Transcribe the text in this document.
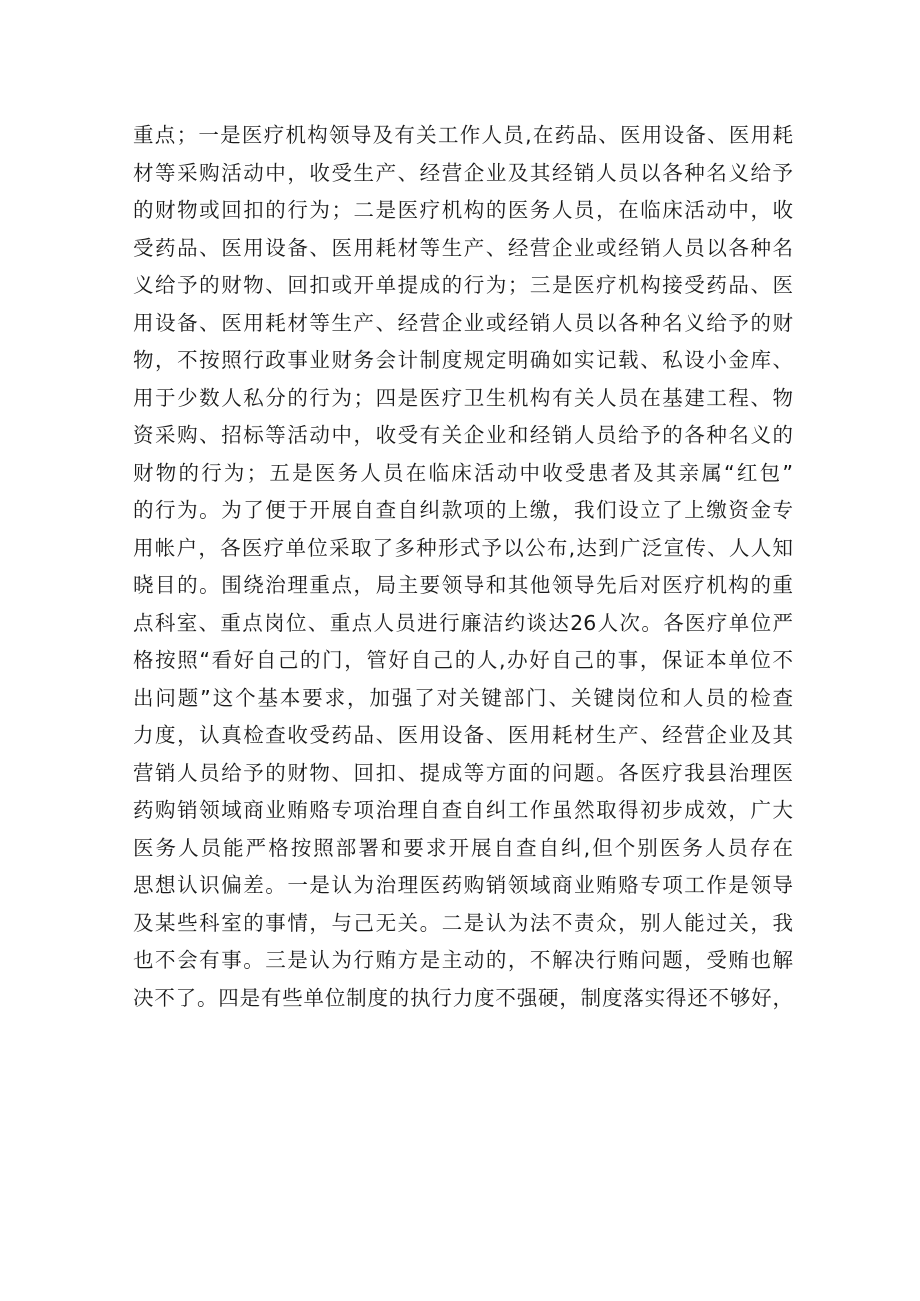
重点；一是医疗机构领导及有关工作人员,在药品、医用设备、医用耗
材等采购活动中，收受生产、经营企业及其经销人员以各种名义给予
的财物或回扣的行为；二是医疗机构的医务人员，在临床活动中，收
受药品、医用设备、医用耗材等生产、经营企业或经销人员以各种名
义给予的财物、回扣或开单提成的行为；三是医疗机构接受药品、医
用设备、医用耗材等生产、经营企业或经销人员以各种名义给予的财
物，不按照行政事业财务会计制度规定明确如实记载、私设小金库、
用于少数人私分的行为；四是医疗卫生机构有关人员在基建工程、物
资采购、招标等活动中，收受有关企业和经销人员给予的各种名义的
财物的行为；五是医务人员在临床活动中收受患者及其亲属“红包”
的行为。为了便于开展自查自纠款项的上缴，我们设立了上缴资金专
用帐户，各医疗单位采取了多种形式予以公布,达到广泛宣传、人人知
晓目的。围绕治理重点，局主要领导和其他领导先后对医疗机构的重
点科室、重点岗位、重点人员进行廉洁约谈达26人次。各医疗单位严
格按照“看好自己的门，管好自己的人,办好自己的事，保证本单位不
出问题”这个基本要求，加强了对关键部门、关键岗位和人员的检查
力度，认真检查收受药品、医用设备、医用耗材生产、经营企业及其
营销人员给予的财物、回扣、提成等方面的问题。各医疗我县治理医
药购销领域商业贿赂专项治理自查自纠工作虽然取得初步成效，广大
医务人员能严格按照部署和要求开展自查自纠,但个别医务人员存在
思想认识偏差。一是认为治理医药购销领域商业贿赂专项工作是领导
及某些科室的事情，与己无关。二是认为法不责众，别人能过关，我
也不会有事。三是认为行贿方是主动的，不解决行贿问题，受贿也解
决不了。四是有些单位制度的执行力度不强硬，制度落实得还不够好，
